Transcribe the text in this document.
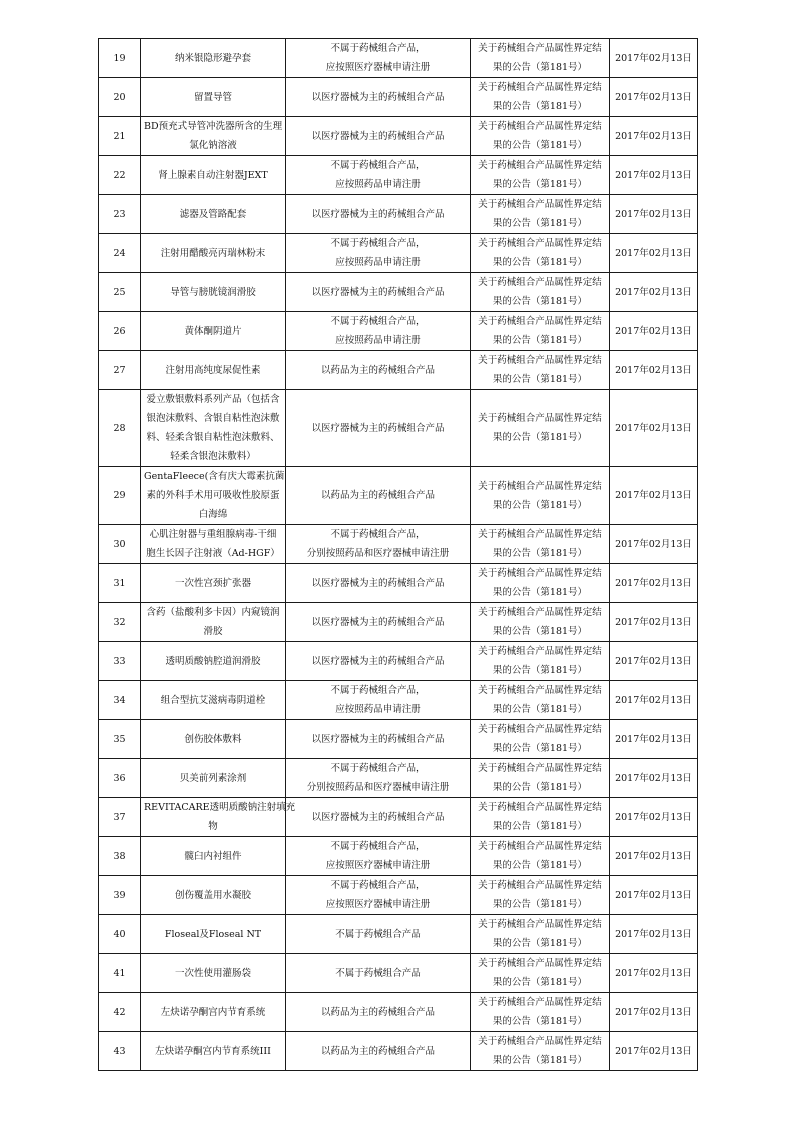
19	纳米银隐形避孕套	不属于药械组合产品，
应按照医疗器械申请注册	关于药械组合产品属性界定结
果的公告（第181号）	2017年02月13日
20	留置导管	以医疗器械为主的药械组合产品	关于药械组合产品属性界定结
果的公告（第181号）	2017年02月13日
21	BD预充式导管冲洗器所含的生理
氯化钠溶液	以医疗器械为主的药械组合产品	关于药械组合产品属性界定结
果的公告（第181号）	2017年02月13日
22	肾上腺素自动注射器JEXT	不属于药械组合产品，
应按照药品申请注册	关于药械组合产品属性界定结
果的公告（第181号）	2017年02月13日
23	滤器及管路配套	以医疗器械为主的药械组合产品	关于药械组合产品属性界定结
果的公告（第181号）	2017年02月13日
24	注射用醋酸亮丙瑞林粉末	不属于药械组合产品，
应按照药品申请注册	关于药械组合产品属性界定结
果的公告（第181号）	2017年02月13日
25	导管与膀胱镜润滑胶	以医疗器械为主的药械组合产品	关于药械组合产品属性界定结
果的公告（第181号）	2017年02月13日
26	黄体酮阴道片	不属于药械组合产品，
应按照药品申请注册	关于药械组合产品属性界定结
果的公告（第181号）	2017年02月13日
27	注射用高纯度尿促性素	以药品为主的药械组合产品	关于药械组合产品属性界定结
果的公告（第181号）	2017年02月13日
28	爱立敷银敷料系列产品（包括含
银泡沫敷料、含银自粘性泡沫敷
料、轻柔含银自粘性泡沫敷料、
轻柔含银泡沫敷料）	以医疗器械为主的药械组合产品	关于药械组合产品属性界定结
果的公告（第181号）	2017年02月13日
29	GentaFleece(含有庆大霉素抗菌
素的外科手术用可吸收性胶原蛋
白海绵	以药品为主的药械组合产品	关于药械组合产品属性界定结
果的公告（第181号）	2017年02月13日
30	心肌注射器与重组腺病毒-干细
胞生长因子注射液（Ad-HGF）	不属于药械组合产品，
分别按照药品和医疗器械申请注册	关于药械组合产品属性界定结
果的公告（第181号）	2017年02月13日
31	一次性宫颈扩张器	以医疗器械为主的药械组合产品	关于药械组合产品属性界定结
果的公告（第181号）	2017年02月13日
32	含药（盐酸利多卡因）内窥镜润
滑胶	以医疗器械为主的药械组合产品	关于药械组合产品属性界定结
果的公告（第181号）	2017年02月13日
33	透明质酸钠腔道润滑胶	以医疗器械为主的药械组合产品	关于药械组合产品属性界定结
果的公告（第181号）	2017年02月13日
34	组合型抗艾滋病毒阴道栓	不属于药械组合产品，
应按照药品申请注册	关于药械组合产品属性界定结
果的公告（第181号）	2017年02月13日
35	创伤胶体敷料	以医疗器械为主的药械组合产品	关于药械组合产品属性界定结
果的公告（第181号）	2017年02月13日
36	贝美前列素涂剂	不属于药械组合产品，
分别按照药品和医疗器械申请注册	关于药械组合产品属性界定结
果的公告（第181号）	2017年02月13日
37	REVITACARE透明质酸钠注射填充
物	以医疗器械为主的药械组合产品	关于药械组合产品属性界定结
果的公告（第181号）	2017年02月13日
38	髋臼内衬组件	不属于药械组合产品，
应按照医疗器械申请注册	关于药械组合产品属性界定结
果的公告（第181号）	2017年02月13日
39	创伤覆盖用水凝胶	不属于药械组合产品，
应按照医疗器械申请注册	关于药械组合产品属性界定结
果的公告（第181号）	2017年02月13日
40	Floseal及Floseal NT	不属于药械组合产品	关于药械组合产品属性界定结
果的公告（第181号）	2017年02月13日
41	一次性使用灌肠袋	不属于药械组合产品	关于药械组合产品属性界定结
果的公告（第181号）	2017年02月13日
42	左炔诺孕酮宫内节育系统	以药品为主的药械组合产品	关于药械组合产品属性界定结
果的公告（第181号）	2017年02月13日
43	左炔诺孕酮宫内节育系统III	以药品为主的药械组合产品	关于药械组合产品属性界定结
果的公告（第181号）	2017年02月13日
